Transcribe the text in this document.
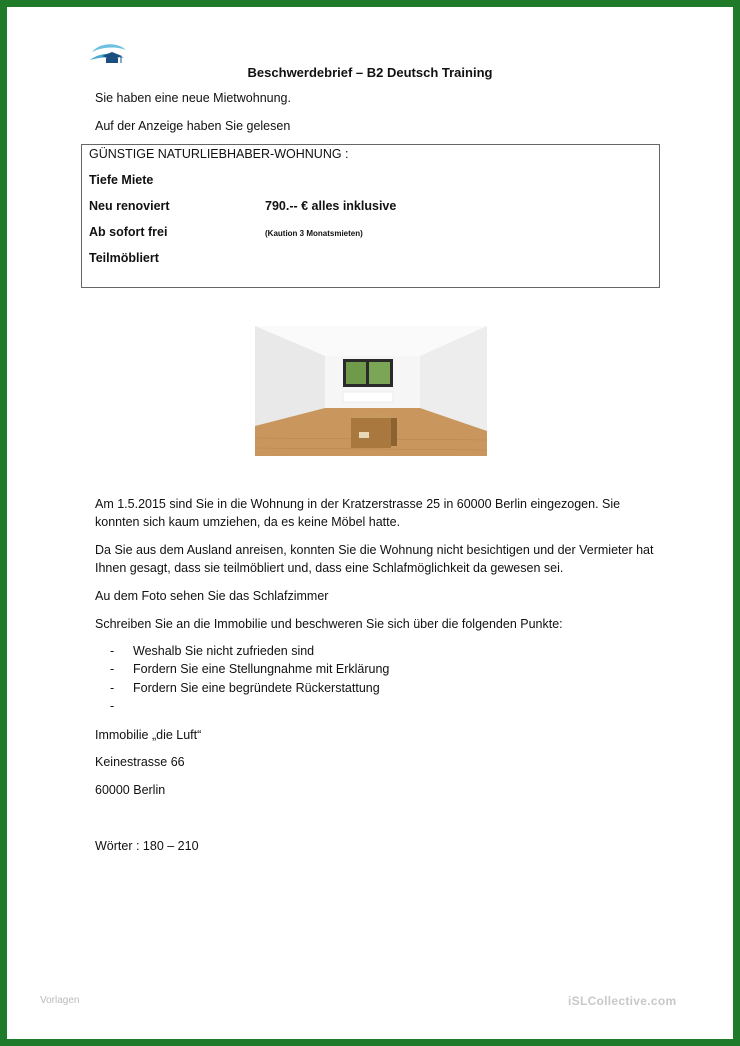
Beschwerdebrief – B2 Deutsch Training
Sie haben eine neue Mietwohnung.
Auf der Anzeige haben Sie gelesen
GÜNSTIGE NATURLIEBHABER-WOHNUNG :
Tiefe Miete
Neu renoviert	790.-- € alles inklusive
Ab sofort frei	(Kaution 3 Monatsmieten)
Teilmöbliert
Am 1.5.2015 sind Sie in die Wohnung in der Kratzerstrasse 25 in 60000 Berlin eingezogen. Sie
konnten sich kaum umziehen, da es keine Möbel hatte.
Da Sie aus dem Ausland anreisen, konnten Sie die Wohnung nicht besichtigen und der Vermieter hat
Ihnen gesagt, dass sie teilmöbliert und, dass eine Schlafmöglichkeit da gewesen sei.
Au dem Foto sehen Sie das Schlafzimmer
Schreiben Sie an die Immobilie und beschweren Sie sich über die folgenden Punkte:
-	Weshalb Sie nicht zufrieden sind
-	Fordern Sie eine Stellungnahme mit Erklärung
-	Fordern Sie eine begründete Rückerstattung
-
Immobilie „die Luft“
Keinestrasse 66
60000 Berlin
Wörter : 180 – 210
Vorlagen	iSLCollective.com
